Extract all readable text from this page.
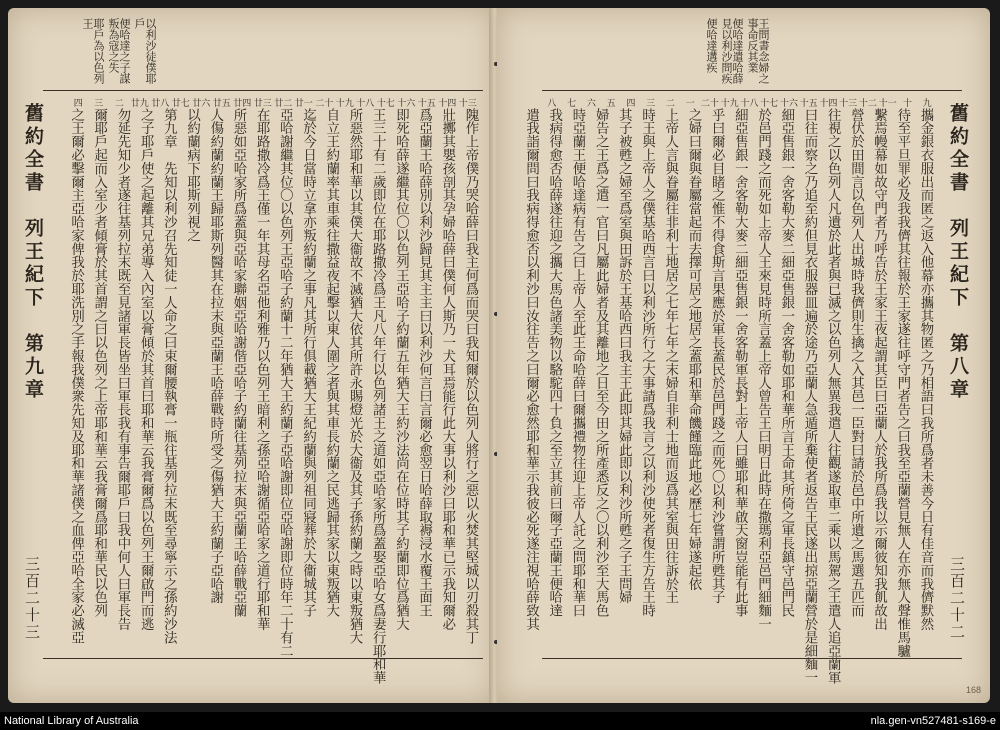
以利沙徒僕耶戶 便哈達之子謀叛為寇之失 耶戶為以色列王
十三
十四
十五
十六
十七
十八
十九
二十
廿一
廿二
廿三
廿四
廿五
廿六
廿七
廿八
廿九
二
三
四
舊約全書　列王紀下　第九章	隗作上帝僕乃哭哈薛曰我主何爲而哭曰我知爾於以色列人將行之惡以火焚其堅城以刃殺其丁
壯擲其嬰孩剖其孕婦哈薛曰僕何人斯乃一犬耳焉能行此大事以利沙曰耶和華已示我知爾必
爲亞蘭王哈薛別以利沙歸見其主主曰以利沙何言曰言爾必愈翌日哈薛取褥浸水覆王面王
即死哈薛遂繼其位〇以色列王亞哈子約蘭五年猶大王約沙法尚在位時其子約蘭即位爲猶大
王三十有二歲即位在耶路撒冷爲王凡八年行以色列諸王之道如亞哈家所爲蓋娶亞哈女爲妻行耶和華
所惡然耶和華以其僕大衞故不滅猶大依其所許永賜燈光於大衞及其子孫約蘭之時以東叛猶大
自立王約蘭率其車乘往撒益夜起擊以東人圍之者與其車長約蘭之民逃歸其家以東叛猶大
迄於今日當時立拿亦叛約蘭之事凡其所行俱載猶大王紀約蘭與列祖同寢葬於大衞城其子
亞哈謝繼其位〇以色列王亞哈子約蘭十二年猶大王約蘭子亞哈謝即位亞哈謝即位時年二十有二
在耶路撒冷爲王僅一年其母名亞他利雅乃以色列王暗利之孫亞哈謝循亞哈家之道行耶和華
所惡如亞哈家所爲蓋與亞哈家聯姻亞哈謝偕亞哈子約蘭往基列拉末與亞蘭王哈薛戰亞蘭
人傷約蘭約蘭王歸耶斯列醫其在拉末與亞蘭王哈薛戰時所受之傷猶大王約蘭子亞哈謝
以約蘭病下耶斯列視之
第九章　先知以利沙召先知徒一人命之曰束爾腰執膏一瓶往基列拉末既至尋寧示之孫約沙法
之子耶戶使之起離其兄弟導入內室以膏傾於其首曰耶和華云我膏爾爲以色列王爾啟門而逃
勿延先知少者遂往基列拉末既至見諸軍長皆坐曰軍長我有事告爾耶戶曰我中何人曰軍長告
爾耶戶起而入室少者傾膏於其首謂之曰以色列之上帝耶和華云我膏爾爲耶和華民以色列
之王爾必擊爾主亞哈家俾我於耶洗別之手報我僕衆先知及耶和華諸僕之血俾亞哈全家必滅亞
三百二十三
王問書念婦之事命反其業 便哈達遣哈薛見以利沙問疾 便哈達遘疾
九
十
十一
十二
十三
十四
十五
十六
十七
十八
十九
二十
一
二
三
四
五
六
七
八
攜金銀衣服出而匿之返入他幕亦攜其物匿之乃相語曰我所爲者未善今日有佳音而我儕默然
待至平旦罪必及我我儕其往報於王家遂往呼守門者告之曰我至亞蘭營見無人在亦無人聲惟馬驢
繫焉幔幕如故守門者乃呼告於王家王夜起謂其臣曰亞蘭人於我所爲我以示爾彼知我飢故出
營伏於田間言以色列人出城時我儕則生擒之入其邑一臣對曰請於邑中所遺之馬選五匹而
往視之以色列人凡遺於此者與已滅之以色列人無異我遣人往觀遂取車二乘以馬駕之王遣人追亞蘭軍
曰往而察之乃追至約但見衣服器皿遍於途乃亞蘭人急遁所棄使者返告王民遂出掠亞蘭營於是細麵一
細亞售銀一舍客勒大麥二細亞售銀一舍客勒如耶和華所言王命其所倚之軍長鎮守邑門民
於邑門踐之而死如上帝人王來見時所言蓋上帝人曾告王曰明日此時在撒瑪利亞邑門細麵一
細亞售銀一舍客勒大麥二細亞售銀一舍客勒軍長對上帝人曰雖耶和華啟天窗豈能有此事
乎曰爾必目睹之惟不得食斯言果應於軍長蓋民於邑門踐之而死〇以利沙嘗謂所甦其子
之婦曰爾與眷屬當起而去擇可居之地居之蓋耶和華命饑饉臨此地必歷七年婦遂起依
上帝人言與眷屬往非利士地居之七年七年之末婦自非利士地而返爲其室與田往訴於王
時王與上帝人之僕基哈西言曰以利沙所行之大事請爲我言之以利沙使死者復生方告王時
其子被甦之婦至爲室與田訴於王基哈西曰我主王此即其婦此即以利沙所甦之子王問婦
婦告之王爲之遣一官曰凡屬此婦者及其離地之日至今田之所產悉反之〇以利沙至大馬色
時亞蘭王便哈達病有告之曰上帝人至此王命哈薛曰爾攜禮物往迎上帝人託之問耶和華曰
我病得愈否哈薛遂往迎之攜大馬色諸美物以駱駝四十負之至立其前曰爾子亞蘭王便哈達
遣我詣爾問曰我病得愈否以利沙曰汝往告之曰爾必愈然耶和華示我彼必死遂注視哈薛致其	舊約全書　列王紀下　第八章
三百二十二
168
National Library of Australia	nla.gen-vn527481-s169-e
